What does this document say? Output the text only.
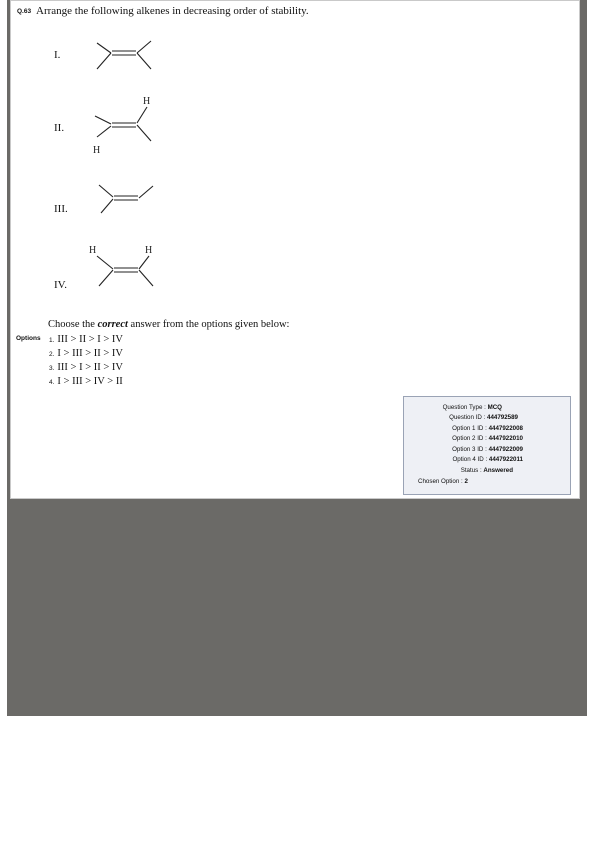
Q.63 Arrange the following alkenes in decreasing order of stability.
I.
II.
H
H
III.
IV.
H	H
Choose the correct answer from the options given below:
Options 1. III > II > I > IV
2. I > III > II > IV
3. III > I > II > IV
4. I > III > IV > II
Question Type : MCQ
Question ID : 444792589
Option 1 ID : 4447922008
Option 2 ID : 4447922010
Option 3 ID : 4447922009
Option 4 ID : 4447922011
Status : Answered
Chosen Option : 2
